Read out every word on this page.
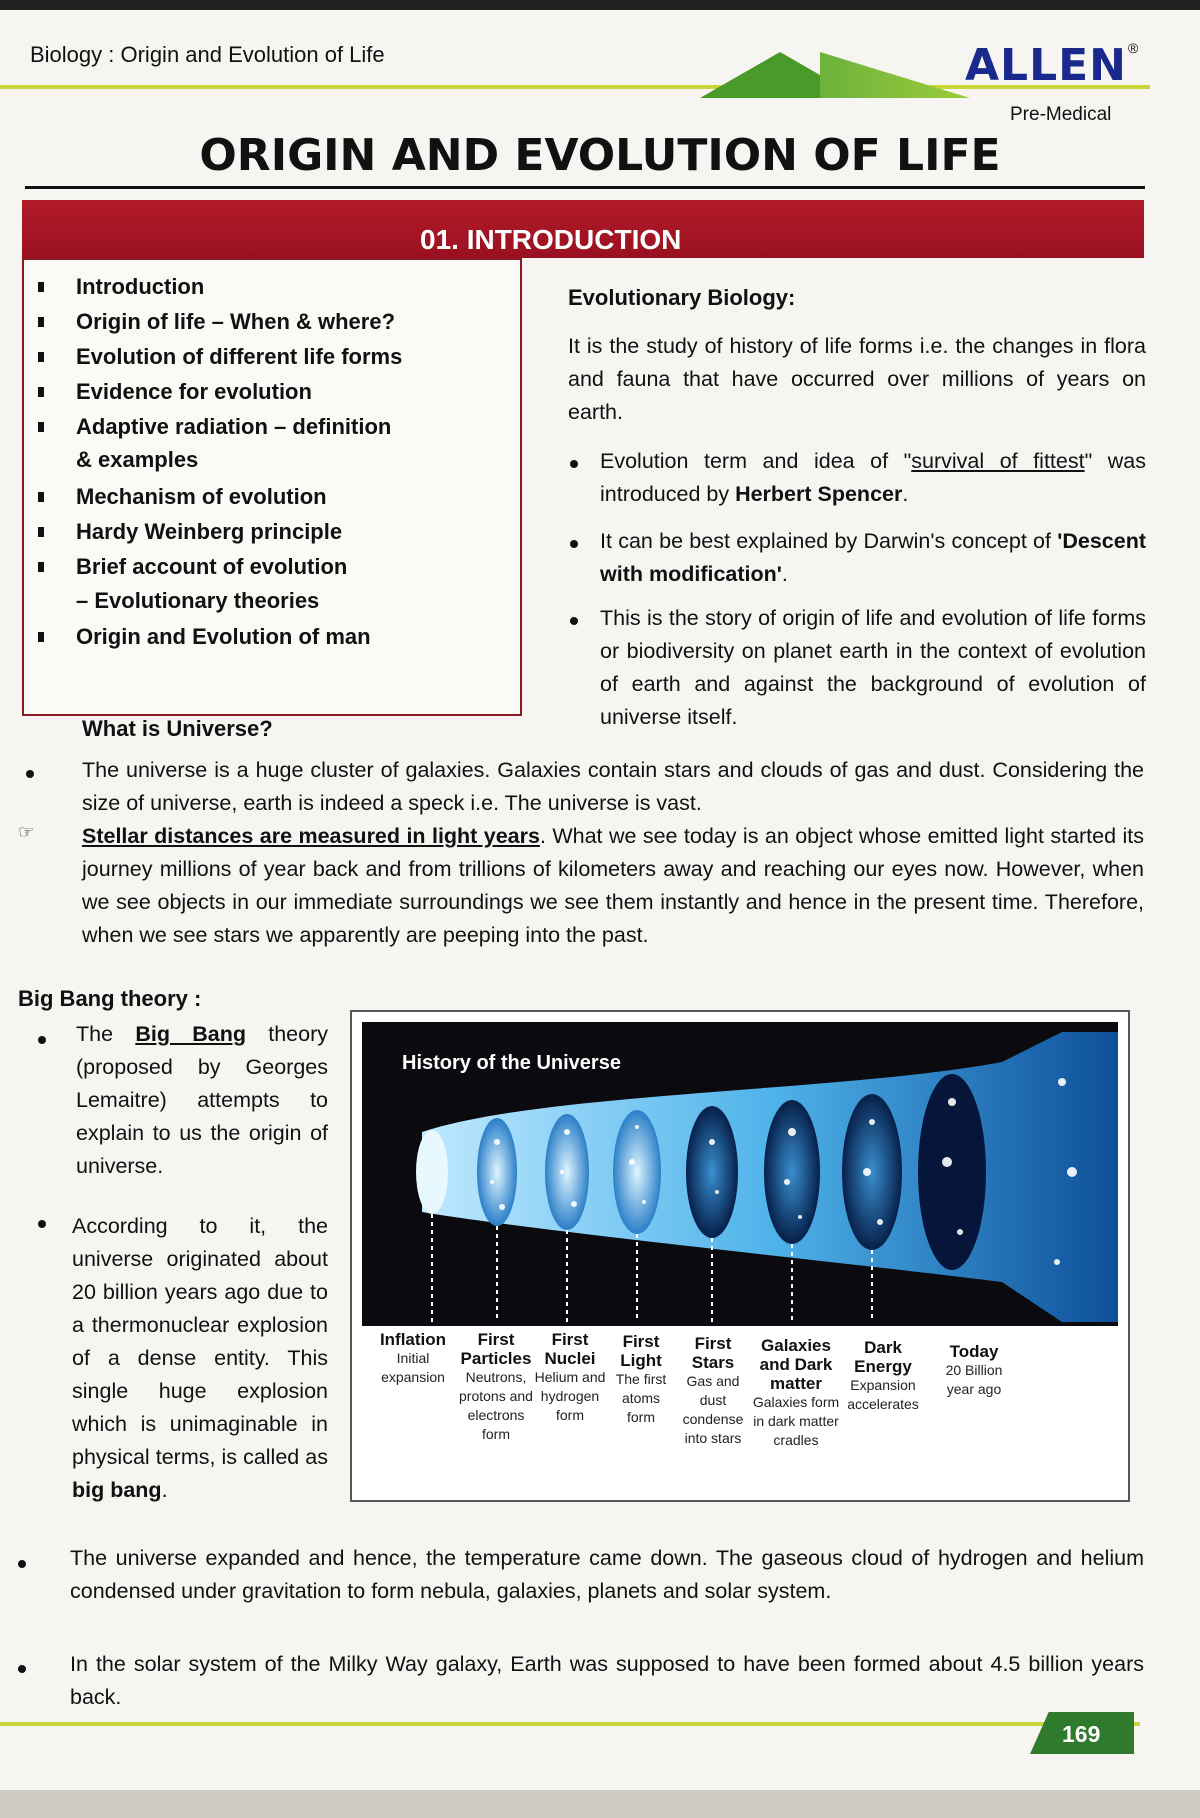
Biology : Origin and Evolution of Life	ALLEN ®
Pre-Medical
ORIGIN AND EVOLUTION OF LIFE
01. INTRODUCTION
Introduction
Origin of life – When & where?
Evolution of different life forms
Evidence for evolution
Adaptive radiation – definition
& examples
Mechanism of evolution
Hardy Weinberg principle
Brief account of evolution
– Evolutionary theories
Origin and Evolution of man
Evolutionary Biology:
It is the study of history of life forms i.e. the changes in flora and fauna that have occurred over millions of years on earth.
Evolution term and idea of "survival of fittest" was introduced by Herbert Spencer.
It can be best explained by Darwin's concept of 'Descent with modification'.
This is the story of origin of life and evolution of life forms or biodiversity on planet earth in the context of evolution of earth and against the background of evolution of universe itself.
What is Universe?
The universe is a huge cluster of galaxies. Galaxies contain stars and clouds of gas and dust. Considering the size of universe, earth is indeed a speck i.e. The universe is vast.
☞ Stellar distances are measured in light years. What we see today is an object whose emitted light started its journey millions of year back and from trillions of kilometers away and reaching our eyes now. However, when we see objects in our immediate surroundings we see them instantly and hence in the present time. Therefore, when we see stars we apparently are peeping into the past.
Big Bang theory :
The Big Bang theory (proposed by Georges Lemaitre) attempts to explain to us the origin of universe.
According to it, the universe originated about 20 billion years ago due to a thermonuclear explosion of a dense entity. This single huge explosion which is unimaginable in physical terms, is called as big bang.
The universe expanded and hence, the temperature came down. The gaseous cloud of hydrogen and helium condensed under gravitation to form nebula, galaxies, planets and solar system.
In the solar system of the Milky Way galaxy, Earth was supposed to have been formed about 4.5 billion years back.
History of the Universe
Inflation
Initial expansion
First Particles
Neutrons, protons and electrons form
First Nuclei
Helium and hydrogen form
First Light
The first atoms form
First Stars
Gas and dust condense into stars
Galaxies and Dark matter
Galaxies form in dark matter cradles
Dark Energy
Expansion accelerates
Today
20 Billion year ago
169
